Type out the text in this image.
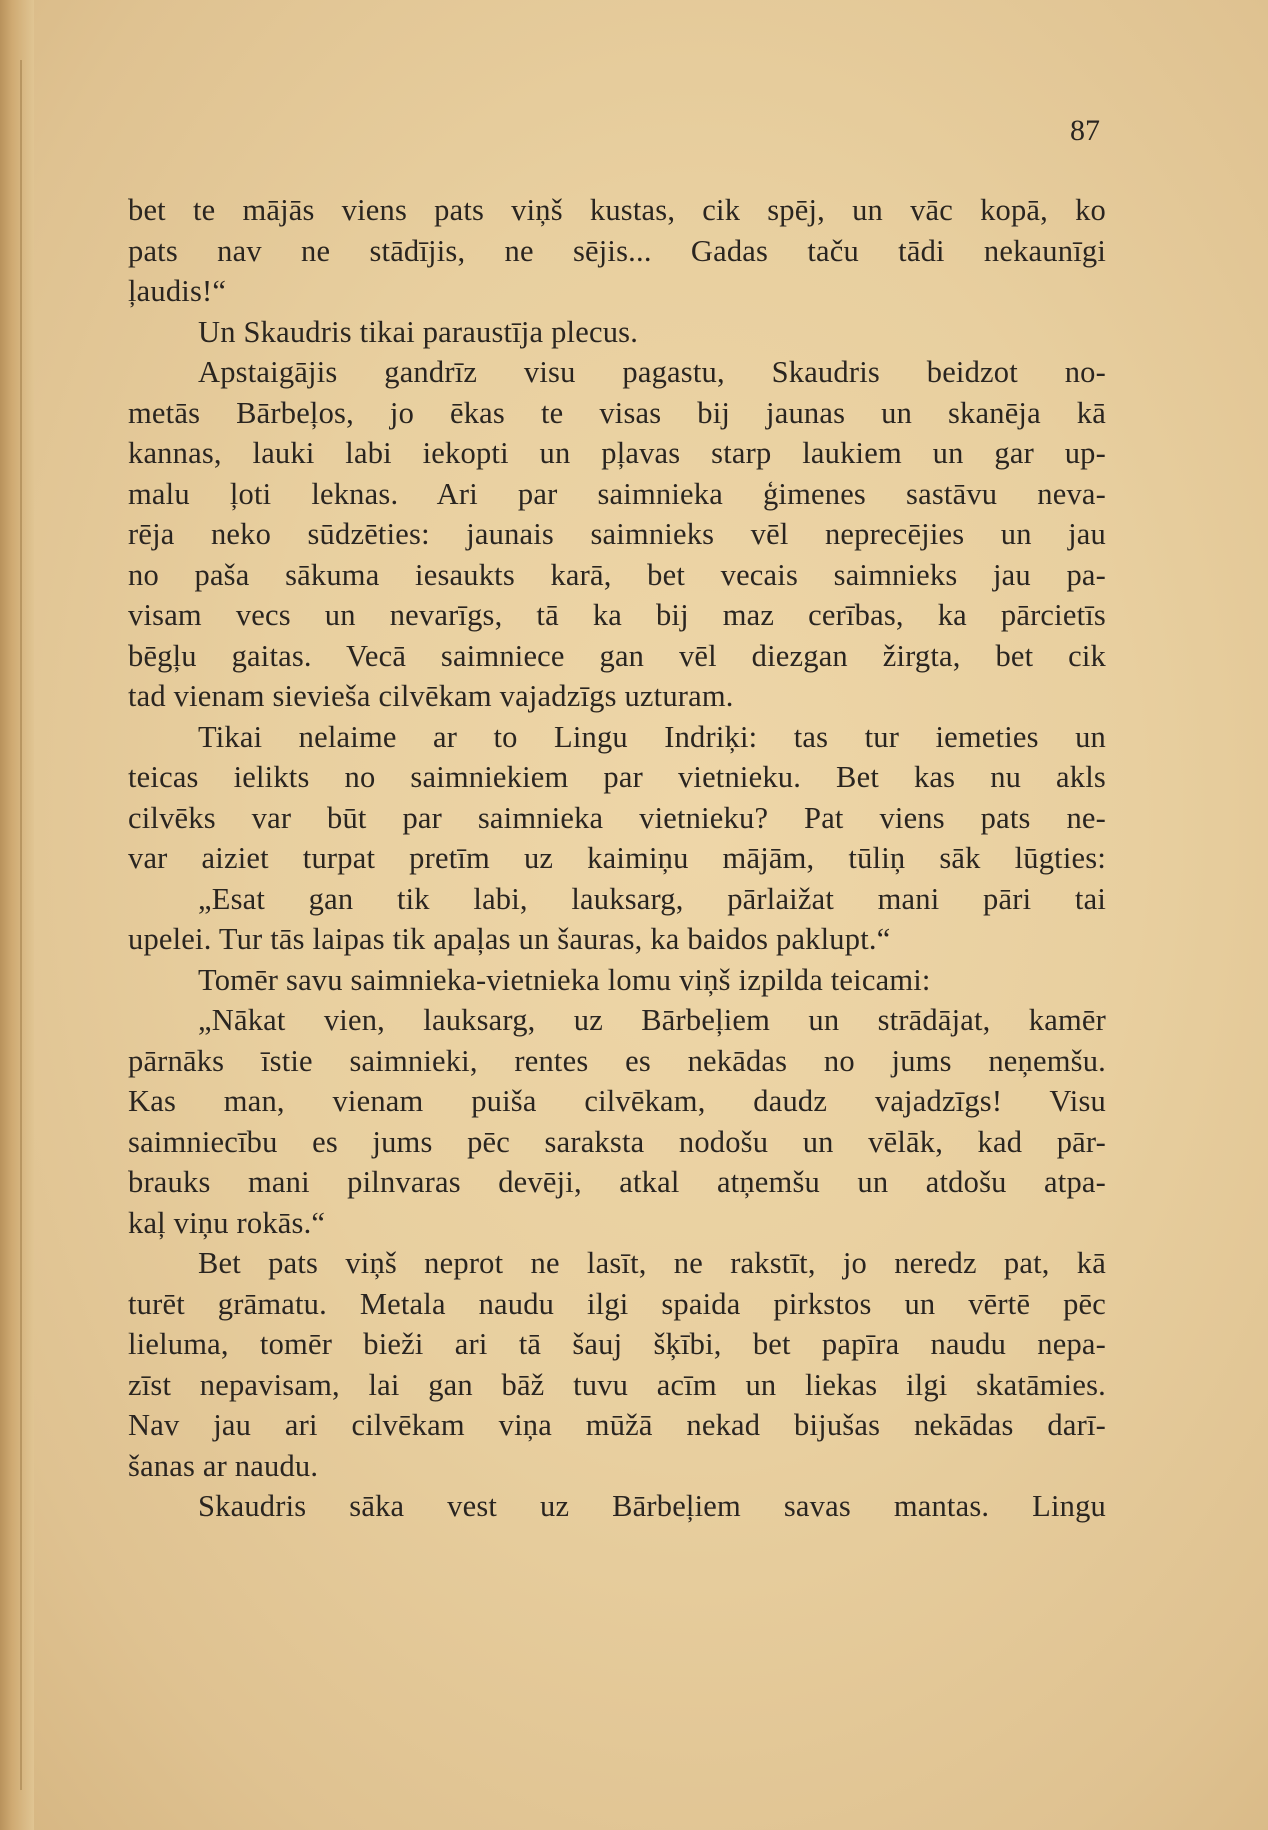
87
bet te mājās viens pats viņš kustas, cik spēj, un vāc kopā, ko
pats nav ne stādījis, ne sējis... Gadas taču tādi nekaunīgi
ļaudis!“
Un Skaudris tikai paraustīja plecus.
Apstaigājis gandrīz visu pagastu, Skaudris beidzot no-
metās Bārbeļos, jo ēkas te visas bij jaunas un skanēja kā
kannas, lauki labi iekopti un pļavas starp laukiem un gar up-
malu ļoti leknas. Ari par saimnieka ģimenes sastāvu neva-
rēja neko sūdzēties: jaunais saimnieks vēl neprecējies un jau
no paša sākuma iesaukts karā, bet vecais saimnieks jau pa-
visam vecs un nevarīgs, tā ka bij maz cerības, ka pārcietīs
bēgļu gaitas. Vecā saimniece gan vēl diezgan žirgta, bet cik
tad vienam sievieša cilvēkam vajadzīgs uzturam.
Tikai nelaime ar to Lingu Indriķi: tas tur iemeties un
teicas ielikts no saimniekiem par vietnieku. Bet kas nu akls
cilvēks var būt par saimnieka vietnieku? Pat viens pats ne-
var aiziet turpat pretīm uz kaimiņu mājām, tūliņ sāk lūgties:
„Esat gan tik labi, lauksarg, pārlaižat mani pāri tai
upelei. Tur tās laipas tik apaļas un šauras, ka baidos paklupt.“
Tomēr savu saimnieka-vietnieka lomu viņš izpilda teicami:
„Nākat vien, lauksarg, uz Bārbeļiem un strādājat, kamēr
pārnāks īstie saimnieki, rentes es nekādas no jums neņemšu.
Kas man, vienam puiša cilvēkam, daudz vajadzīgs! Visu
saimniecību es jums pēc saraksta nodošu un vēlāk, kad pār-
brauks mani pilnvaras devēji, atkal atņemšu un atdošu atpa-
kaļ viņu rokās.“
Bet pats viņš neprot ne lasīt, ne rakstīt, jo neredz pat, kā
turēt grāmatu. Metala naudu ilgi spaida pirkstos un vērtē pēc
lieluma, tomēr bieži ari tā šauj šķībi, bet papīra naudu nepa-
zīst nepavisam, lai gan bāž tuvu acīm un liekas ilgi skatāmies.
Nav jau ari cilvēkam viņa mūžā nekad bijušas nekādas darī-
šanas ar naudu.
Skaudris sāka vest uz Bārbeļiem savas mantas. Lingu
